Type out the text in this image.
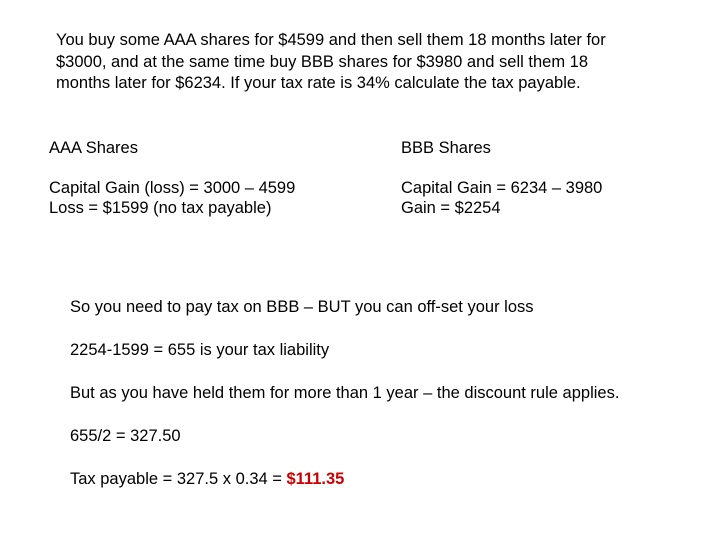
You buy some AAA shares for $4599 and then sell them 18 months later for
$3000, and at the same time buy BBB shares for $3980 and sell them 18
months later for $6234. If your tax rate is 34% calculate the tax payable.

AAA Shares
Capital Gain (loss) = 3000 – 4599
Loss = $1599 (no tax payable)
BBB Shares
Capital Gain = 6234 – 3980
Gain = $2254
So you need to pay tax on BBB – BUT you can off-set your loss
2254-1599 = 655 is your tax liability
But as you have held them for more than 1 year – the discount rule applies.
655/2 = 327.50
Tax payable = 327.5 x 0.34 = $111.35
